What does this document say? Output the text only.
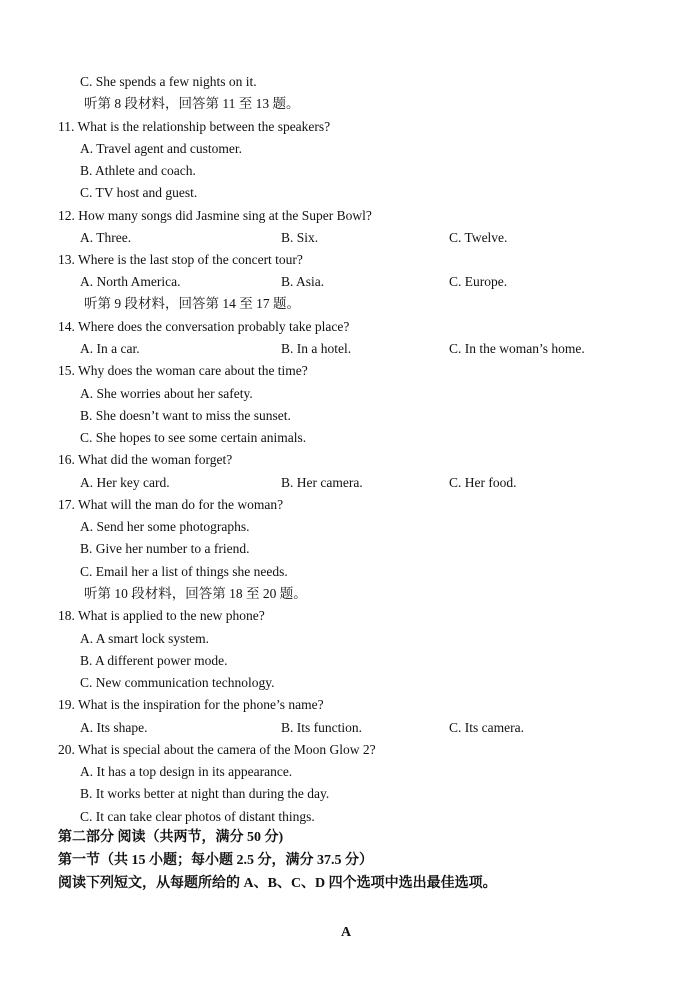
C. She spends a few nights on it.
听第 8 段材料，回答第 11 至 13 题。
11. What is the relationship between the speakers?
A. Travel agent and customer.
B. Athlete and coach.
C. TV host and guest.
12. How many songs did Jasmine sing at the Super Bowl?
A. Three.	B. Six.	C. Twelve.
13. Where is the last stop of the concert tour?
A. North America.	B. Asia.	C. Europe.
听第 9 段材料，回答第 14 至 17 题。
14. Where does the conversation probably take place?
A. In a car.	B. In a hotel.	C. In the woman’s home.
15. Why does the woman care about the time?
A. She worries about her safety.
B. She doesn’t want to miss the sunset.
C. She hopes to see some certain animals.
16. What did the woman forget?
A. Her key card.	B. Her camera.	C. Her food.
17. What will the man do for the woman?
A. Send her some photographs.
B. Give her number to a friend.
C. Email her a list of things she needs.
听第 10 段材料，回答第 18 至 20 题。
18. What is applied to the new phone?
A. A smart lock system.
B. A different power mode.
C. New communication technology.
19. What is the inspiration for the phone’s name?
A. Its shape.	B. Its function.	C. Its camera.
20. What is special about the camera of the Moon Glow 2?
A. It has a top design in its appearance.
B. It works better at night than during the day.
C. It can take clear photos of distant things.
第二部分 阅读（共两节，满分 50 分)
第一节（共 15 小题；每小题 2.5 分，满分 37.5 分）
阅读下列短文，从每题所给的 A、B、C、D 四个选项中选出最佳选项。
A
